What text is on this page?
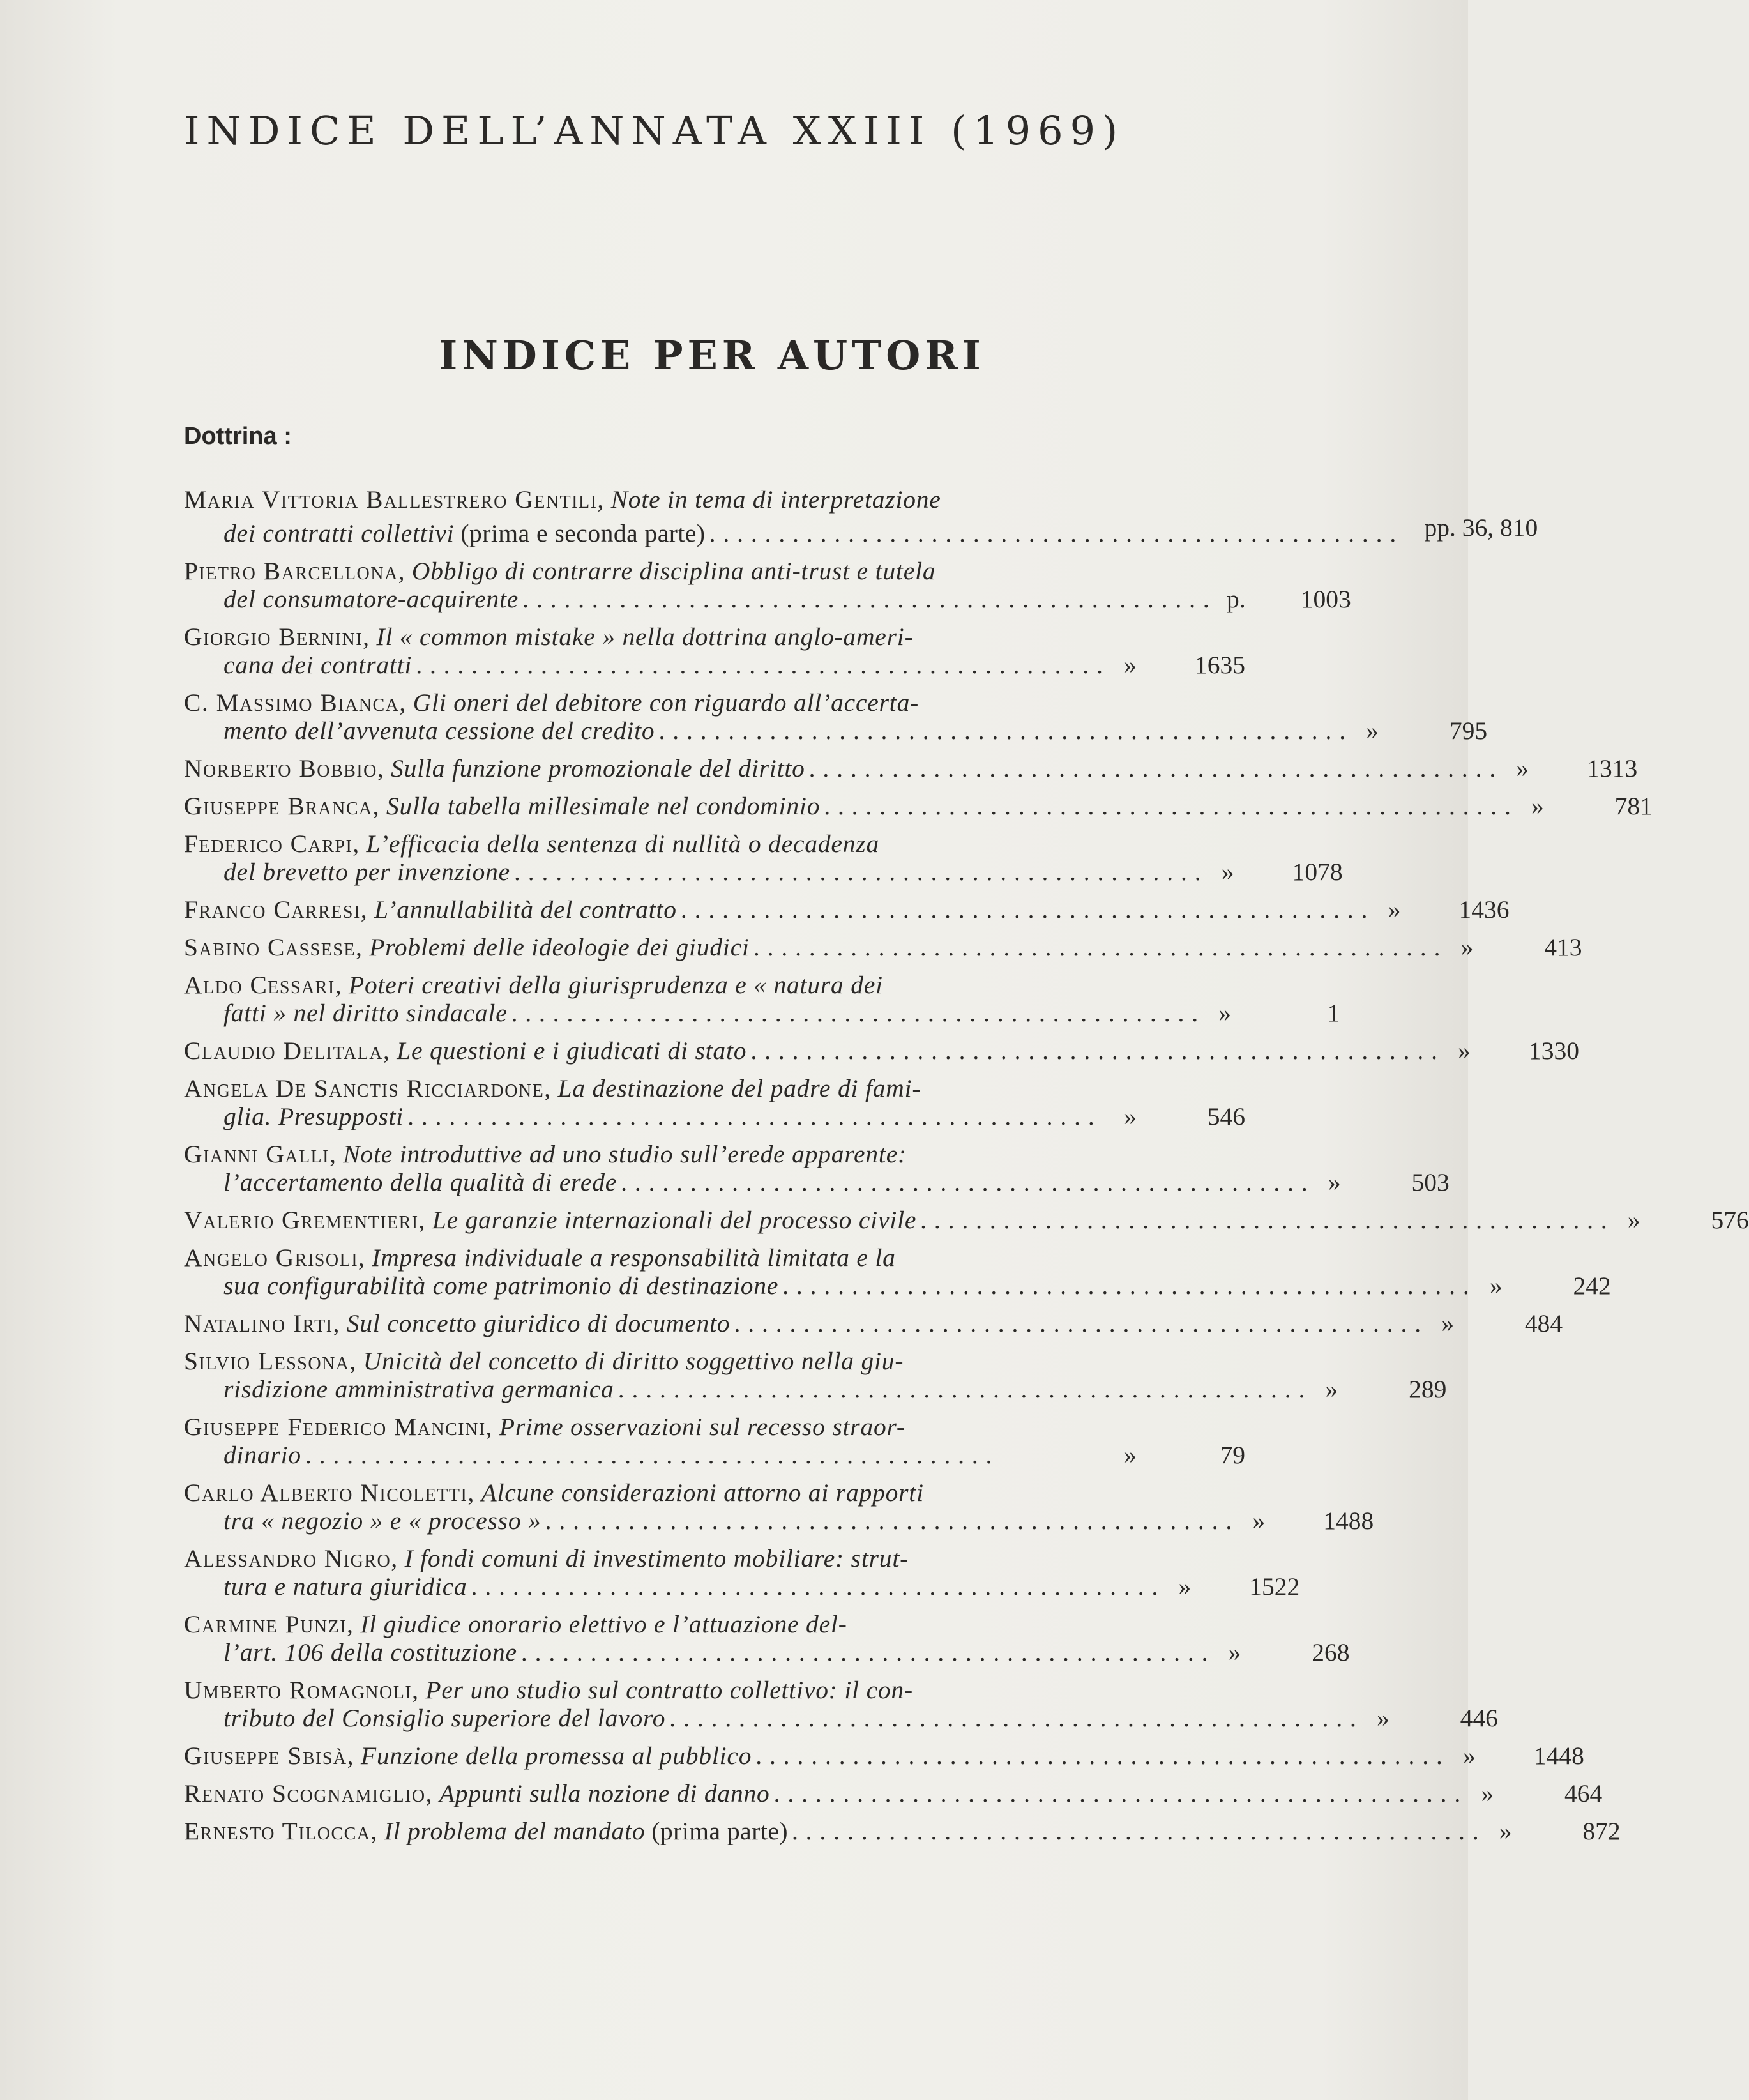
INDICE DELL’ANNATA XXIII (1969)
INDICE PER AUTORI
Dottrina :
Maria Vittoria Ballestrero Gentili, Note in tema di interpretazione
dei contratti collettivi (prima e seconda parte) . . . . . . . . . . . . . . . . . . . . . . . . . . . . . . . . . . . . . . . . . . . . . . . . . . pp. 36, 810
Pietro Barcellona, Obbligo di contrarre disciplina anti-trust e tutela
del consumatore-acquirente . . . . . . . . . . . . . . . . . . . . . . . . . . . . . . . . . . . . . . . . . . . . . . . . . . p.	1003
Giorgio Bernini, Il « common mistake » nella dottrina anglo-ameri-
cana dei contratti . . . . . . . . . . . . . . . . . . . . . . . . . . . . . . . . . . . . . . . . . . . . . . . . . . »	1635
C. Massimo Bianca, Gli oneri del debitore con riguardo all’accerta-
mento dell’avvenuta cessione del credito . . . . . . . . . . . . . . . . . . . . . . . . . . . . . . . . . . . . . . . . . . . . . . . . . . »	795
Norberto Bobbio, Sulla funzione promozionale del diritto . . . . . . . . . . . . . . . . . . . . . . . . . . . . . . . . . . . . . . . . . . . . . . . . . . »	1313
Giuseppe Branca, Sulla tabella millesimale nel condominio . . . . . . . . . . . . . . . . . . . . . . . . . . . . . . . . . . . . . . . . . . . . . . . . . . »	781
Federico Carpi, L’efficacia della sentenza di nullità o decadenza
del brevetto per invenzione . . . . . . . . . . . . . . . . . . . . . . . . . . . . . . . . . . . . . . . . . . . . . . . . . . »	1078
Franco Carresi, L’annullabilità del contratto . . . . . . . . . . . . . . . . . . . . . . . . . . . . . . . . . . . . . . . . . . . . . . . . . . »	1436
Sabino Cassese, Problemi delle ideologie dei giudici . . . . . . . . . . . . . . . . . . . . . . . . . . . . . . . . . . . . . . . . . . . . . . . . . . »	413
Aldo Cessari, Poteri creativi della giurisprudenza e « natura dei
fatti » nel diritto sindacale . . . . . . . . . . . . . . . . . . . . . . . . . . . . . . . . . . . . . . . . . . . . . . . . . . »	1
Claudio Delitala, Le questioni e i giudicati di stato . . . . . . . . . . . . . . . . . . . . . . . . . . . . . . . . . . . . . . . . . . . . . . . . . . »	1330
Angela De Sanctis Ricciardone, La destinazione del padre di fami-
glia. Presupposti . . . . . . . . . . . . . . . . . . . . . . . . . . . . . . . . . . . . . . . . . . . . . . . . . .	»	546
Gianni Galli, Note introduttive ad uno studio sull’erede apparente:
l’accertamento della qualità di erede . . . . . . . . . . . . . . . . . . . . . . . . . . . . . . . . . . . . . . . . . . . . . . . . . . »	503
Valerio Grementieri, Le garanzie internazionali del processo civile . . . . . . . . . . . . . . . . . . . . . . . . . . . . . . . . . . . . . . . . . . . . . . . . . . »	576
Angelo Grisoli, Impresa individuale a responsabilità limitata e la
sua configurabilità come patrimonio di destinazione . . . . . . . . . . . . . . . . . . . . . . . . . . . . . . . . . . . . . . . . . . . . . . . . . . »	242
Natalino Irti, Sul concetto giuridico di documento . . . . . . . . . . . . . . . . . . . . . . . . . . . . . . . . . . . . . . . . . . . . . . . . . . »	484
Silvio Lessona, Unicità del concetto di diritto soggettivo nella giu-
risdizione amministrativa germanica . . . . . . . . . . . . . . . . . . . . . . . . . . . . . . . . . . . . . . . . . . . . . . . . . . »	289
Giuseppe Federico Mancini, Prime osservazioni sul recesso straor-
dinario . . . . . . . . . . . . . . . . . . . . . . . . . . . . . . . . . . . . . . . . . . . . . . . . . .	»	79
Carlo Alberto Nicoletti, Alcune considerazioni attorno ai rapporti
tra « negozio » e « processo » . . . . . . . . . . . . . . . . . . . . . . . . . . . . . . . . . . . . . . . . . . . . . . . . . . »	1488
Alessandro Nigro, I fondi comuni di investimento mobiliare: strut-
tura e natura giuridica . . . . . . . . . . . . . . . . . . . . . . . . . . . . . . . . . . . . . . . . . . . . . . . . . . »	1522
Carmine Punzi, Il giudice onorario elettivo e l’attuazione del-
l’art. 106 della costituzione . . . . . . . . . . . . . . . . . . . . . . . . . . . . . . . . . . . . . . . . . . . . . . . . . . »	268
Umberto Romagnoli, Per uno studio sul contratto collettivo: il con-
tributo del Consiglio superiore del lavoro . . . . . . . . . . . . . . . . . . . . . . . . . . . . . . . . . . . . . . . . . . . . . . . . . . »	446
Giuseppe Sbisà, Funzione della promessa al pubblico . . . . . . . . . . . . . . . . . . . . . . . . . . . . . . . . . . . . . . . . . . . . . . . . . . »	1448
Renato Scognamiglio, Appunti sulla nozione di danno . . . . . . . . . . . . . . . . . . . . . . . . . . . . . . . . . . . . . . . . . . . . . . . . . . »	464
Ernesto Tilocca, Il problema del mandato (prima parte) . . . . . . . . . . . . . . . . . . . . . . . . . . . . . . . . . . . . . . . . . . . . . . . . . . »	872
